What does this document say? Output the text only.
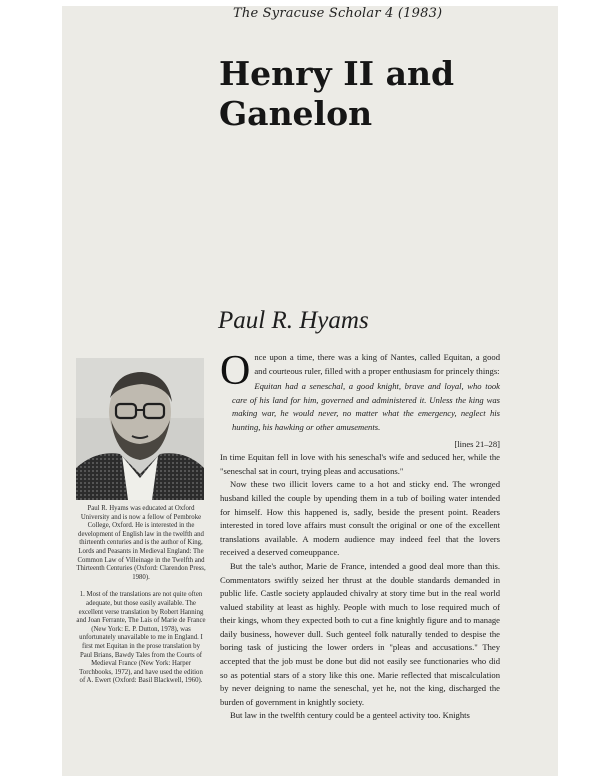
The Syracuse Scholar 4 (1983)
Henry II and
Ganelon
Paul R. Hyams

Paul R. Hyams was educated at Oxford University and is now a fellow of Pembroke College, Oxford. He is interested in the development of English law in the twelfth and thirteenth centuries and is the author of King, Lords and Peasants in Medieval England: The Common Law of Villeinage in the Twelfth and Thirteenth Centuries (Oxford: Clarendon Press, 1980).

1. Most of the translations are not quite often adequate, but those easily available. The excellent verse translation by Robert Hanning and Joan Ferrante, The Lais of Marie de France (New York: E. P. Dutton, 1978), was unfortunately unavailable to me in England. I first met Equitan in the prose translation by Paul Brians, Bawdy Tales from the Courts of Medieval France (New York: Harper Torchbooks, 1972), and have used the edition of A. Ewert (Oxford: Basil Blackwell, 1960).

Once upon a time, there was a king of Nantes, called Equitan, a good and courteous ruler, filled with a proper enthusiasm for princely things:

Equitan had a seneschal, a good knight, brave and loyal, who took care of his land for him, governed and administered it. Unless the king was making war, he would never, no matter what the emergency, neglect his hunting, his hawking or other amusements.

[lines 21–28]

In time Equitan fell in love with his seneschal's wife and seduced her, while the "seneschal sat in court, trying pleas and accusations."

Now these two illicit lovers came to a hot and sticky end. The wronged husband killed the couple by upending them in a tub of boiling water intended for himself. How this happened is, sadly, beside the present point. Readers interested in tored love affairs must consult the original or one of the excellent translations available. A modern audience may indeed feel that the lovers received a deserved comeuppance.

But the tale's author, Marie de France, intended a good deal more than this. Commentators swiftly seized her thrust at the double standards demanded in public life. Castle society applauded chivalry at story time but in the real world valued stability at least as highly. People with much to lose required much of their kings, whom they expected both to cut a fine knightly figure and to manage daily business, however dull. Such genteel folk naturally tended to despise the boring task of justicing the lower orders in "pleas and accusations." They accepted that the job must be done but did not easily see functionaries who did so as potential stars of a story like this one. Marie reflected that miscalculation by never deigning to name the seneschal, yet he, not the king, discharged the burden of government in knightly society.

But law in the twelfth century could be a genteel activity too. Knights
